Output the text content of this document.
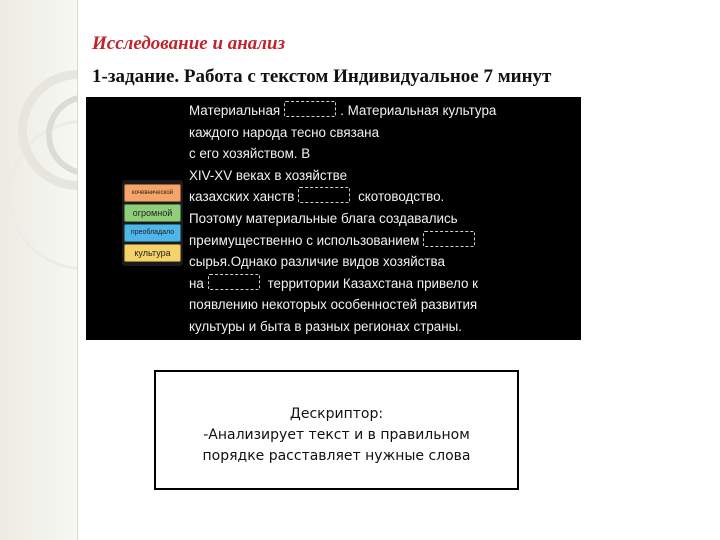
Исследование и анализ
1-задание. Работа с текстом Индивидуальное 7 минут
кочевнической
огромной
преобладало
культура
Материальная	. Материальная культура
каждого народа тесно связана
с его хозяйством. В
XIV-XV веках в хозяйстве
казахских ханств	скотоводство.
Поэтому материальные блага создавались
преимущественно с использованием
сырья.Однако различие видов хозяйства
на	территории Казахстана привело к
появлению некоторых особенностей развития
культуры и быта в разных регионах страны.
Дескриптор:
-Анализирует текст и в правильном
порядке расставляет нужные слова
